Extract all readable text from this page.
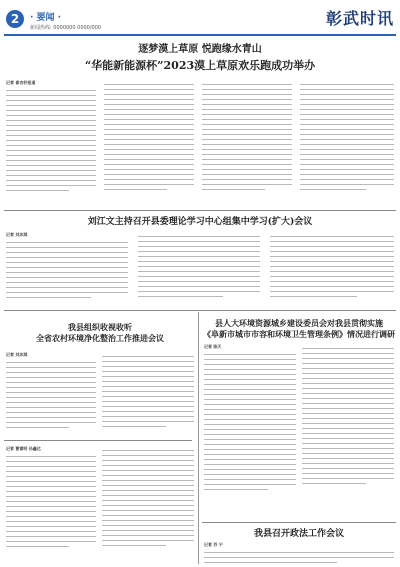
2	· 要闻 ·
新闻热线: 0000000 0000/000	彰武时讯
逐梦漠上草原 悦跑缘水青山
“华能新能源杯”2023漠上草原欢乐跑成功举办
记者 崔吉轩报道
刘江文主持召开县委理论学习中心组集中学习(扩大)会议
记者 刘冰鸿
我县组织收视收听
全省农村环境净化整治工作推进会议
记者 刘冰鸿
记者 曹雷明 孙鑫达
县人大环境资源城乡建设委员会对我县贯彻实施
《阜新市城市市容和环境卫生管理条例》情况进行调研
记者 陈天
我县召开政法工作会议
记者 苏 宁
